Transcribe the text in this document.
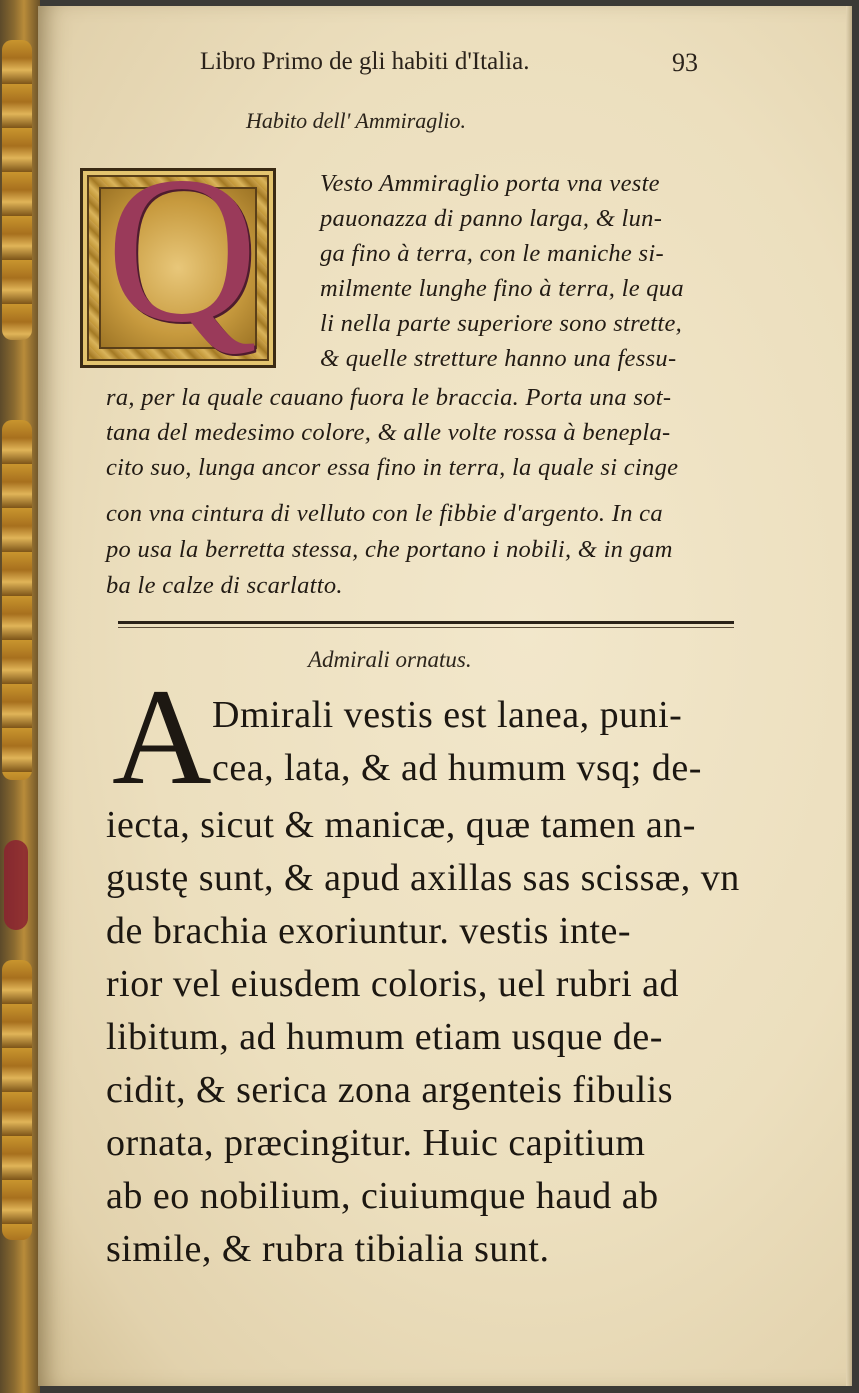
Libro Primo de gli habiti d'Italia.	93
Habito dell' Ammiraglio.
Q	Vesto Ammiraglio porta vna veste
pauonazza di panno larga, & lun-
ga fino à terra, con le maniche si-
milmente lunghe fino à terra, le qua
li nella parte superiore sono strette,
& quelle stretture hanno una fessu-
ra, per la quale cauano fuora le braccia. Porta una sot-
tana del medesimo colore, & alle volte rossa à benepla-
cito suo, lunga ancor essa fino in terra, la quale si cinge
con vna cintura di velluto con le fibbie d'argento. In ca
po usa la berretta stessa, che portano i nobili, & in gam
ba le calze di scarlatto.
Admirali ornatus.
A Dmirali vestis est lanea, puni-
cea, lata, & ad humum vsq; de-
iecta, sicut & manicæ, quæ tamen an-
gustę sunt, & apud axillas sas scissæ, vn
de brachia exoriuntur. vestis inte-
rior vel eiusdem coloris, uel rubri ad
libitum, ad humum etiam usque de-
cidit, & serica zona argenteis fibulis
ornata, præcingitur. Huic capitium
ab eo nobilium, ciuiumque haud ab
simile, & rubra tibialia sunt.
